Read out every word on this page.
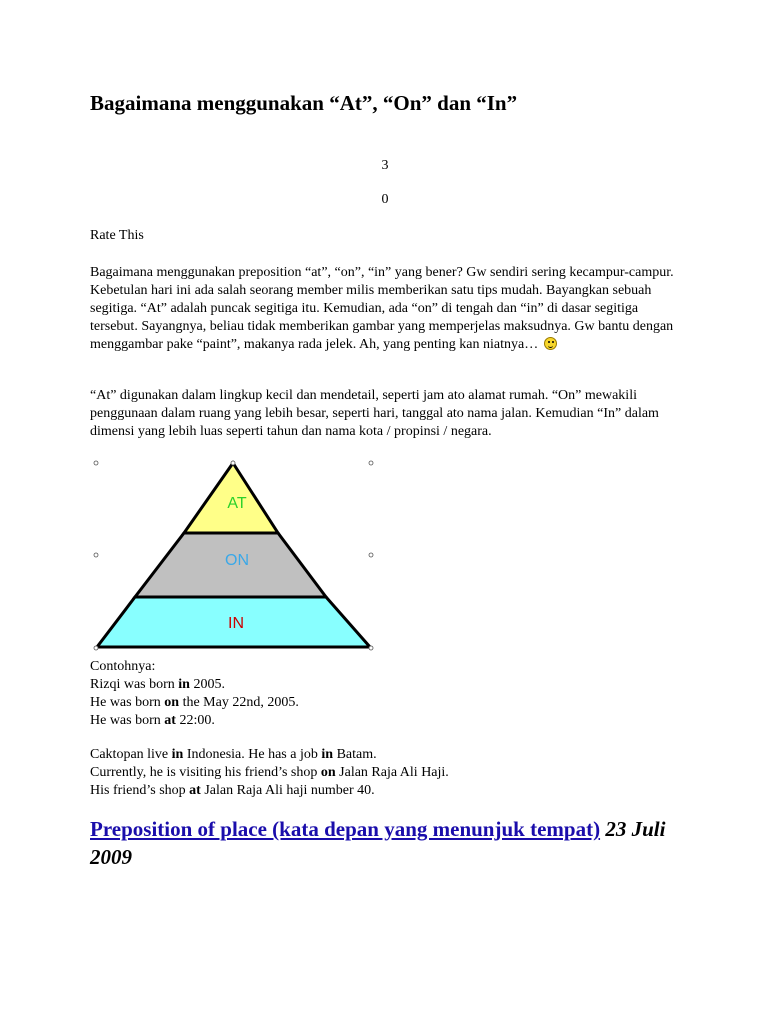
Bagaimana menggunakan “At”, “On” dan “In”
3
0
Rate This

Bagaimana menggunakan preposition “at”, “on”, “in” yang bener? Gw sendiri sering kecampur-campur. Kebetulan hari ini ada salah seorang member milis memberikan satu tips mudah. Bayangkan sebuah segitiga. “At” adalah puncak segitiga itu. Kemudian, ada “on” di tengah dan “in” di dasar segitiga tersebut. Sayangnya, beliau tidak memberikan gambar yang memperjelas maksudnya. Gw bantu dengan menggambar pake “paint”, makanya rada jelek. Ah, yang penting kan niatnya…

“At” digunakan dalam lingkup kecil dan mendetail, seperti jam ato alamat rumah. “On” mewakili penggunaan dalam ruang yang lebih besar, seperti hari, tanggal ato nama jalan. Kemudian “In” dalam dimensi yang lebih luas seperti tahun dan nama kota / propinsi / negara.

AT
ON
IN
Contohnya:
Rizqi was born in 2005.
He was born on the May 22nd, 2005.
He was born at 22:00.
Caktopan live in Indonesia. He has a job in Batam.
Currently, he is visiting his friend’s shop on Jalan Raja Ali Haji.
His friend’s shop at Jalan Raja Ali haji number 40.
Preposition of place (kata depan yang menunjuk tempat) 23 Juli 2009
